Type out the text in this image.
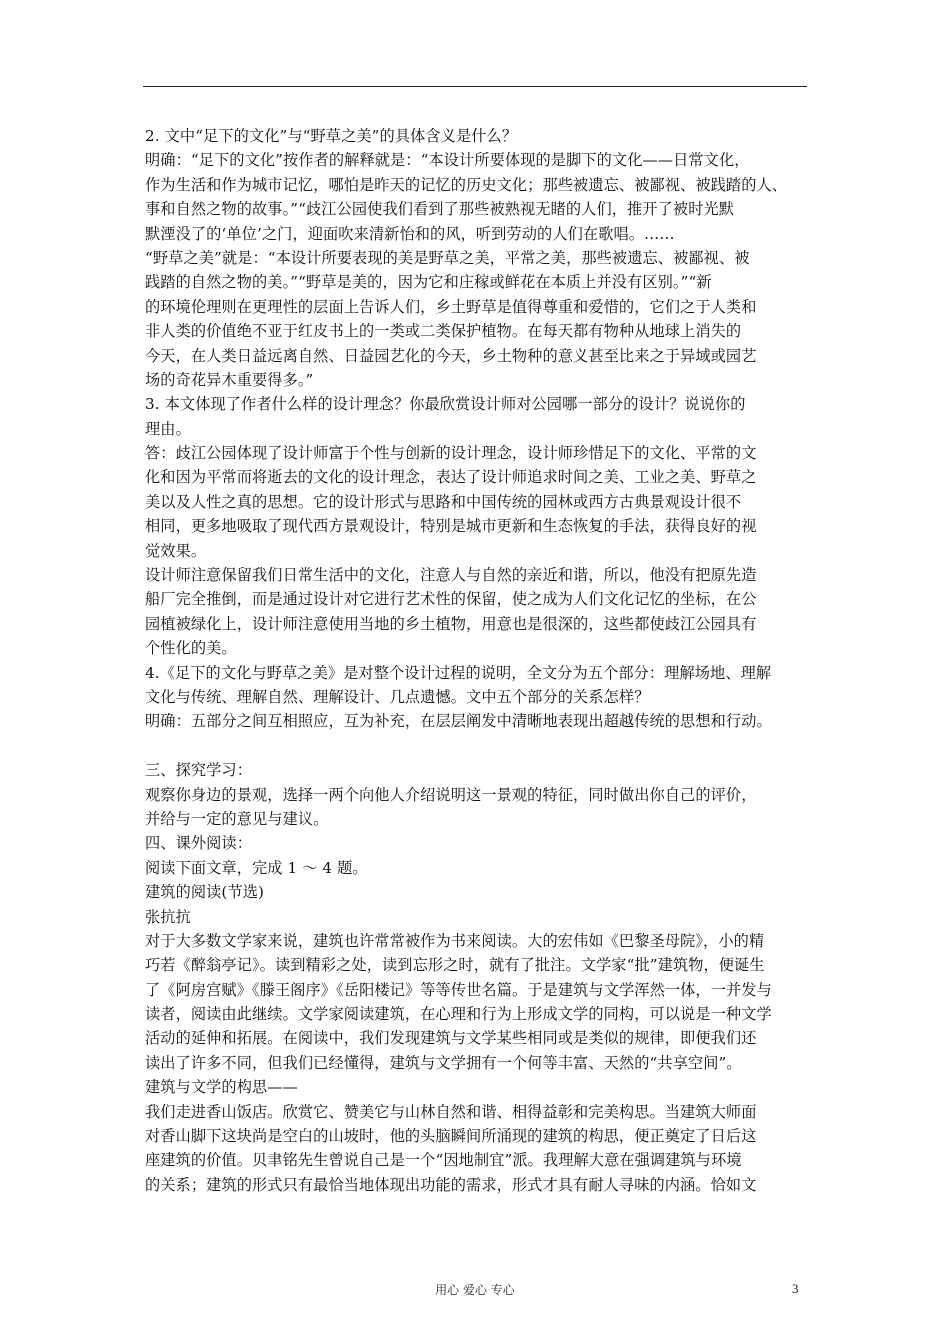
2. 文中“足下的文化”与“野草之美”的具体含义是什么？
明确：“足下的文化”按作者的解释就是：“本设计所要体现的是脚下的文化——日常文化，
作为生活和作为城市记忆，哪怕是昨天的记忆的历史文化；那些被遗忘、被鄙视、被践踏的人、
事和自然之物的故事。”“歧江公园使我们看到了那些被熟视无睹的人们，推开了被时光默
默湮没了的‘单位’之门，迎面吹来清新怡和的风，听到劳动的人们在歌唱。……
“野草之美”就是：“本设计所要表现的美是野草之美，平常之美，那些被遗忘、被鄙视、被
践踏的自然之物的美。”“野草是美的，因为它和庄稼或鲜花在本质上并没有区别。”“新
的环境伦理则在更理性的层面上告诉人们，乡土野草是值得尊重和爱惜的，它们之于人类和
非人类的价值绝不亚于红皮书上的一类或二类保护植物。在每天都有物种从地球上消失的
今天，在人类日益远离自然、日益园艺化的今天，乡土物种的意义甚至比来之于异域或园艺
场的奇花异木重要得多。”
3. 本文体现了作者什么样的设计理念？你最欣赏设计师对公园哪一部分的设计？说说你的
理由。
答：歧江公园体现了设计师富于个性与创新的设计理念，设计师珍惜足下的文化、平常的文
化和因为平常而将逝去的文化的设计理念，表达了设计师追求时间之美、工业之美、野草之
美以及人性之真的思想。它的设计形式与思路和中国传统的园林或西方古典景观设计很不
相同，更多地吸取了现代西方景观设计，特别是城市更新和生态恢复的手法，获得良好的视
觉效果。
设计师注意保留我们日常生活中的文化，注意人与自然的亲近和谐，所以，他没有把原先造
船厂完全推倒，而是通过设计对它进行艺术性的保留，使之成为人们文化记忆的坐标，在公
园植被绿化上，设计师注意使用当地的乡土植物，用意也是很深的，这些都使歧江公园具有
个性化的美。
4.《足下的文化与野草之美》是对整个设计过程的说明，全文分为五个部分：理解场地、理解
文化与传统、理解自然、理解设计、几点遗憾。文中五个部分的关系怎样？
明确：五部分之间互相照应，互为补充，在层层阐发中清晰地表现出超越传统的思想和行动。
三、探究学习：
观察你身边的景观，选择一两个向他人介绍说明这一景观的特征，同时做出你自己的评价，
并给与一定的意见与建议。
四、课外阅读：
阅读下面文章，完成 1 ～ 4 题。
建筑的阅读(节选)
张抗抗
对于大多数文学家来说，建筑也许常常被作为书来阅读。大的宏伟如《巴黎圣母院》，小的精
巧若《醉翁亭记》。读到精彩之处，读到忘形之时，就有了批注。文学家“批”建筑物，便诞生
了《阿房宫赋》《滕王阁序》《岳阳楼记》等等传世名篇。于是建筑与文学浑然一体，一并发与
读者，阅读由此继续。文学家阅读建筑，在心理和行为上形成文学的同构，可以说是一种文学
活动的延伸和拓展。在阅读中，我们发现建筑与文学某些相同或是类似的规律，即便我们还
读出了许多不同，但我们已经懂得，建筑与文学拥有一个何等丰富、天然的“共享空间”。
建筑与文学的构思——
我们走进香山饭店。欣赏它、赞美它与山林自然和谐、相得益彰和完美构思。当建筑大师面
对香山脚下这块尚是空白的山坡时，他的头脑瞬间所涌现的建筑的构思，便正奠定了日后这
座建筑的价值。贝聿铭先生曾说自己是一个“因地制宜”派。我理解大意在强调建筑与环境
的关系；建筑的形式只有最恰当地体现出功能的需求，形式才具有耐人寻味的内涵。恰如文
用心 爱心 专心	3
